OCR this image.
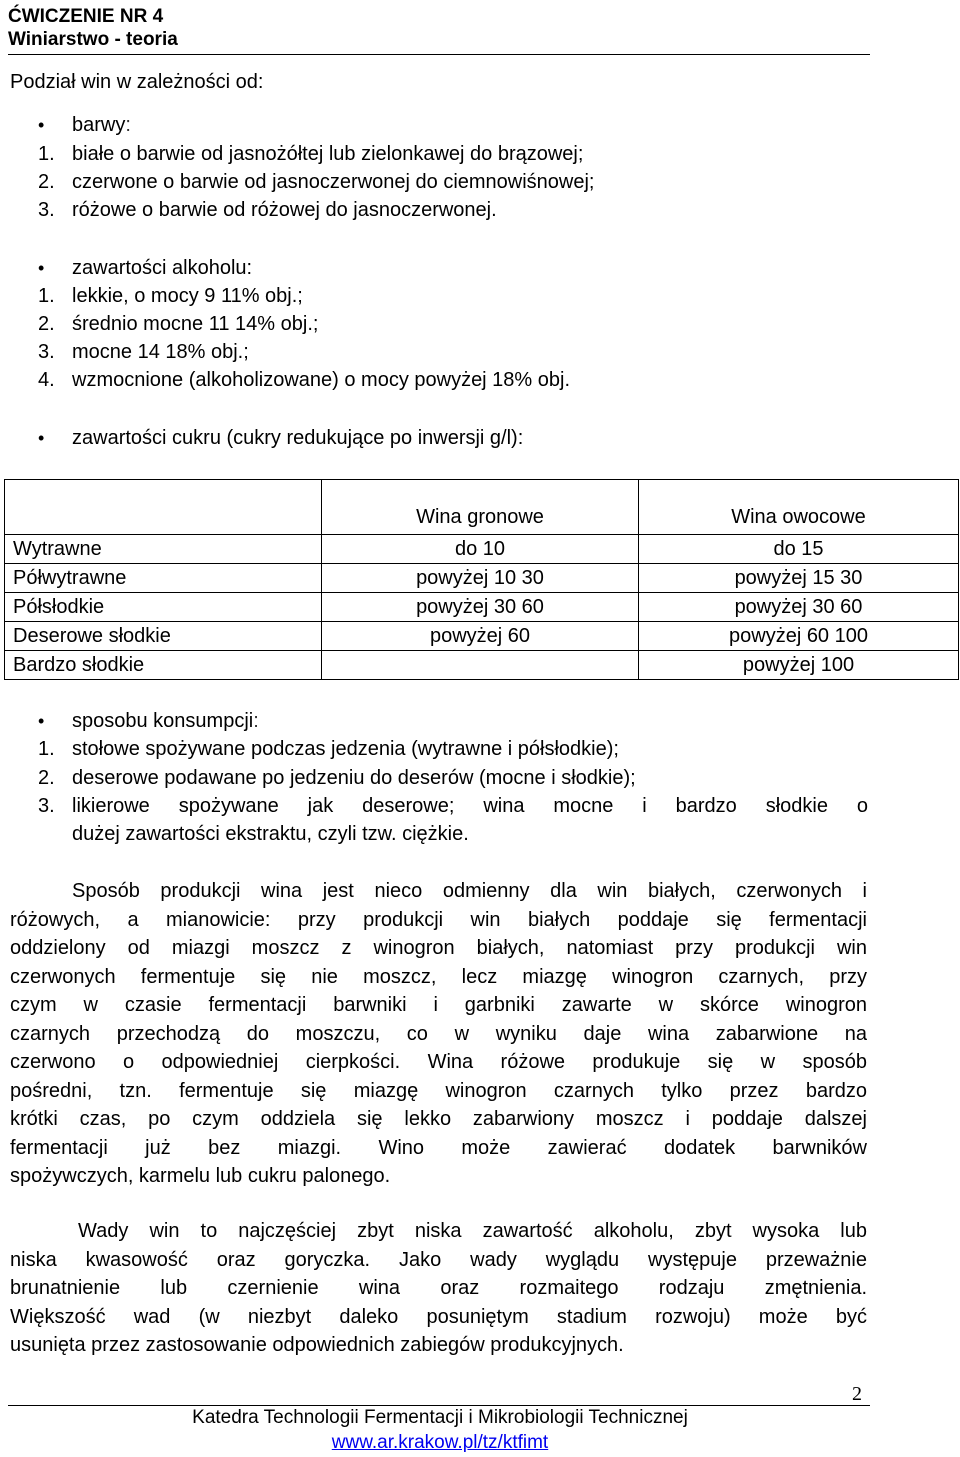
ĆWICZENIE NR 4
Winiarstwo - teoria
Podział win w zależności od:
•	barwy:
1. białe o barwie od jasnożółtej lub zielonkawej do brązowej;
2. czerwone o barwie od jasnoczerwonej do ciemnowiśnowej;
3. różowe o barwie od różowej do jasnoczerwonej.
•	zawartości alkoholu:
1. lekkie, o mocy 9 11% obj.;
2. średnio mocne 11 14% obj.;
3. mocne 14 18% obj.;
4. wzmocnione (alkoholizowane) o mocy powyżej 18% obj.
•	zawartości cukru (cukry redukujące po inwersji g/l):
	Wina gronowe	Wina owocowe
Wytrawne	do 10	do 15
Półwytrawne	powyżej 10 30	powyżej 15 30
Półsłodkie	powyżej 30 60	powyżej 30 60
Deserowe słodkie	powyżej 60	powyżej 60 100
Bardzo słodkie		powyżej 100
•	sposobu konsumpcji:
1. stołowe spożywane podczas jedzenia (wytrawne i półsłodkie);
2. deserowe podawane po jedzeniu do deserów (mocne i słodkie);
3. likierowe spożywane jak deserowe; wina mocne i bardzo słodkie o
dużej zawartości ekstraktu, czyli tzw. ciężkie.
Sposób produkcji wina jest nieco odmienny dla win białych, czerwonych i
różowych, a mianowicie: przy produkcji win białych poddaje się fermentacji
oddzielony od miazgi moszcz z winogron białych, natomiast przy produkcji win
czerwonych fermentuje się nie moszcz, lecz miazgę winogron czarnych, przy
czym w czasie fermentacji barwniki i garbniki zawarte w skórce winogron
czarnych przechodzą do moszczu, co w wyniku daje wina zabarwione na
czerwono o odpowiedniej cierpkości. Wina różowe produkuje się w sposób
pośredni, tzn. fermentuje się miazgę winogron czarnych tylko przez bardzo
krótki czas, po czym oddziela się lekko zabarwiony moszcz i poddaje dalszej
fermentacji już bez miazgi. Wino może zawierać dodatek barwników
spożywczych, karmelu lub cukru palonego.
Wady win to najczęściej zbyt niska zawartość alkoholu, zbyt wysoka lub
niska kwasowość oraz goryczka. Jako wady wyglądu występuje przeważnie
brunatnienie lub czernienie wina oraz rozmaitego rodzaju zmętnienia.
Większość wad (w niezbyt daleko posuniętym stadium rozwoju) może być
usunięta przez zastosowanie odpowiednich zabiegów produkcyjnych.
2
Katedra Technologii Fermentacji i Mikrobiologii Technicznej
www.ar.krakow.pl/tz/ktfimt
